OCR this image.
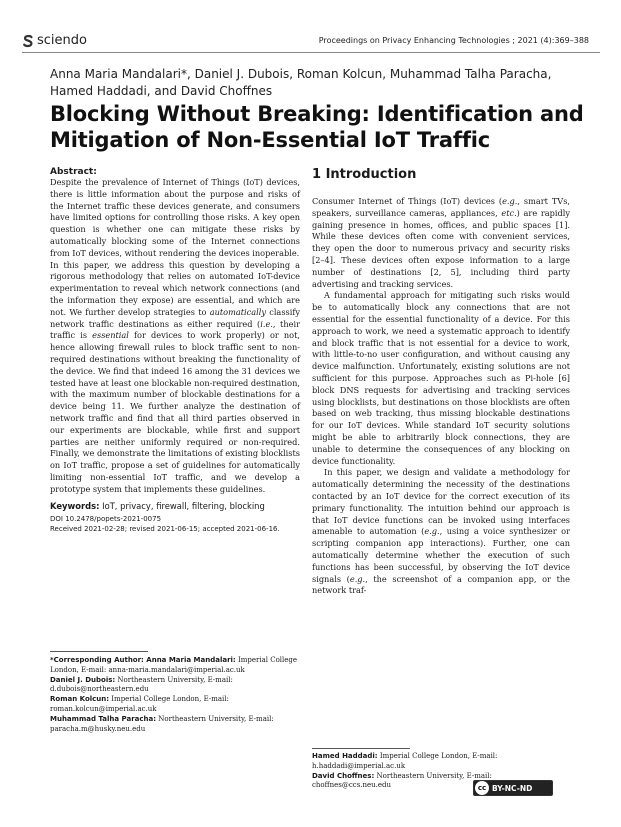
sciendo	Proceedings on Privacy Enhancing Technologies ; 2021 (4):369–388
Anna Maria Mandalari*, Daniel J. Dubois, Roman Kolcun, Muhammad Talha Paracha, Hamed Haddadi, and David Choffnes
Blocking Without Breaking: Identification and Mitigation of Non-Essential IoT Traffic
Abstract:

Despite the prevalence of Internet of Things (IoT) devices, there is little information about the purpose and risks of the Internet traffic these devices generate, and consumers have limited options for controlling those risks. A key open question is whether one can mitigate these risks by automatically blocking some of the Internet connections from IoT devices, without rendering the devices inoperable.

In this paper, we address this question by developing a rigorous methodology that relies on automated IoT-device experimentation to reveal which network connections (and the information they expose) are essential, and which are not. We further develop strategies to automatically classify network traffic destinations as either required (i.e., their traffic is essential for devices to work properly) or not, hence allowing firewall rules to block traffic sent to non-required destinations without breaking the functionality of the device. We find that indeed 16 among the 31 devices we tested have at least one blockable non-required destination, with the maximum number of blockable destinations for a device being 11. We further analyze the destination of network traffic and find that all third parties observed in our experiments are blockable, while first and support parties are neither uniformly required or non-required. Finally, we demonstrate the limitations of existing blocklists on IoT traffic, propose a set of guidelines for automatically limiting non-essential IoT traffic, and we develop a prototype system that implements these guidelines.

Keywords: IoT, privacy, firewall, filtering, blocking
DOI 10.2478/popets-2021-0075
Received 2021-02-28; revised 2021-06-15; accepted 2021-06-16.
*Corresponding Author: Anna Maria Mandalari: Imperial College London, E-mail: anna-maria.mandalari@imperial.ac.uk
Daniel J. Dubois: Northeastern University, E-mail: d.dubois@northeastern.edu
Roman Kolcun: Imperial College London, E-mail: roman.kolcun@imperial.ac.uk
Muhammad Talha Paracha: Northeastern University, E-mail: paracha.m@husky.neu.edu
1 Introduction

Consumer Internet of Things (IoT) devices (e.g., smart TVs, speakers, surveillance cameras, appliances, etc.) are rapidly gaining presence in homes, offices, and public spaces [1]. While these devices often come with convenient services, they open the door to numerous privacy and security risks [2–4]. These devices often expose information to a large number of destinations [2, 5], including third party advertising and tracking services.

A fundamental approach for mitigating such risks would be to automatically block any connections that are not essential for the essential functionality of a device. For this approach to work, we need a systematic approach to identify and block traffic that is not essential for a device to work, with little-to-no user configuration, and without causing any device malfunction. Unfortunately, existing solutions are not sufficient for this purpose. Approaches such as Pi-hole [6] block DNS requests for advertising and tracking services using blocklists, but destinations on those blocklists are often based on web tracking, thus missing blockable destinations for our IoT devices. While standard IoT security solutions might be able to arbitrarily block connections, they are unable to determine the consequences of any blocking on device functionality.

In this paper, we design and validate a methodology for automatically determining the necessity of the destinations contacted by an IoT device for the correct execution of its primary functionality. The intuition behind our approach is that IoT device functions can be invoked using interfaces amenable to automation (e.g., using a voice synthesizer or scripting companion app interactions). Further, one can automatically determine whether the execution of such functions has been successful, by observing the IoT device signals (e.g., the screenshot of a companion app, or the network traf-

Hamed Haddadi: Imperial College London, E-mail: h.haddadi@imperial.ac.uk
David Choffnes: Northeastern University, E-mail: choffnes@ccs.neu.edu	cc BY-NC-ND
